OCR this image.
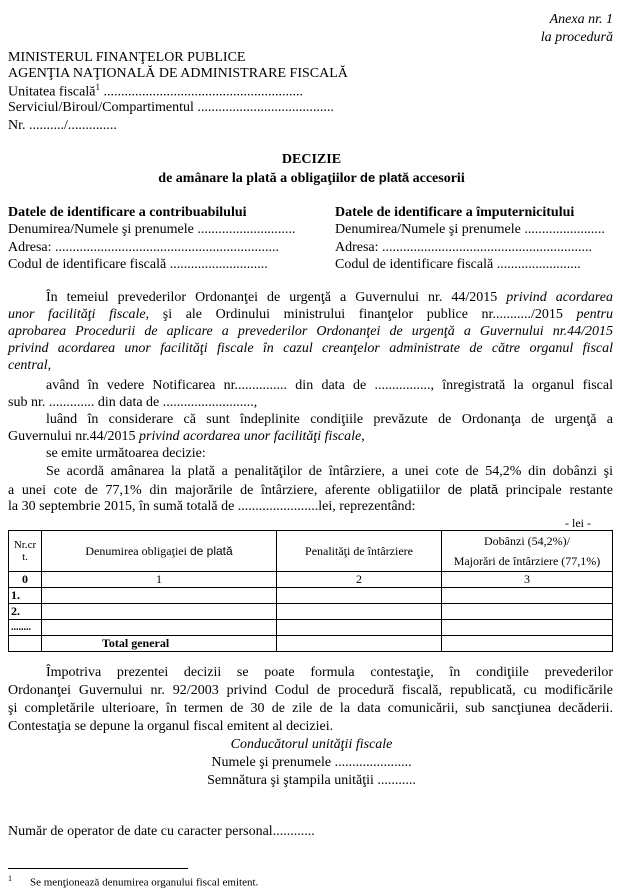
Anexa nr. 1
la procedură
MINISTERUL FINANŢELOR PUBLICE
AGENŢIA NAŢIONALĂ DE ADMINISTRARE FISCALĂ
Unitatea fiscală$^1$ .........................................................
Serviciul/Biroul/Compartimentul .......................................
Nr. ........../..............
DECIZIE
de amânare la plată a obligaţiilor de plată accesorii
Datele de identificare a contribuabilului
Denumirea/Numele şi prenumele ............................
Adresa: ................................................................
Codul de identificare fiscală ............................
Datele de identificare a împuternicitului
Denumirea/Numele şi prenumele .......................
Adresa: ............................................................
Codul de identificare fiscală ........................
În temeiul prevederilor Ordonanţei de urgenţă a Guvernului nr. 44/2015 privind acordarea
unor facilităţi fiscale, şi ale Ordinului ministrului finanţelor publice nr.........../2015 pentru
aprobarea Procedurii de aplicare a prevederilor Ordonanţei de urgenţă a Guvernului nr.44/2015
privind acordarea unor facilităţi fiscale în cazul creanţelor administrate de către organul fiscal
central,
având în vedere Notificarea nr............... din data de ................, înregistrată la organul fiscal
sub nr. ............. din data de ..........................,
luând în considerare că sunt îndeplinite condiţiile prevăzute de Ordonanţa de urgenţă a
Guvernului nr.44/2015 privind acordarea unor facilităţi fiscale,
se emite următoarea decizie:
Se acordă amânarea la plată a penalităţilor de întârziere, a unei cote de 54,2% din dobânzi şi
a unei cote de 77,1% din majorările de întârziere, aferente obligatiilor de plată principale restante
la 30 septembrie 2015, în sumă totală de .......................lei, reprezentând:
- lei -
Nr.cr t.	Denumirea obligaţiei de plată	Penalităţi de întârziere	Dobânzi (54,2%)/
Majorări de întârziere (77,1%)

0	1	2	3
1.			
2.			
........			
	Total general		
Împotriva prezentei decizii se poate formula contestaţie, în condiţiile prevederilor
Ordonanţei Guvernului nr. 92/2003 privind Codul de procedură fiscală, republicată, cu modificările
şi completările ulterioare, în termen de 30 de zile de la data comunicării, sub sancţiunea decăderii.
Contestaţia se depune la organul fiscal emitent al deciziei.
Conducătorul unităţii fiscale
Numele şi prenumele ......................
Semnătura şi ştampila unităţii ...........
Număr de operator de date cu caracter personal............
$^1$ Se menţionează denumirea organului fiscal emitent.
